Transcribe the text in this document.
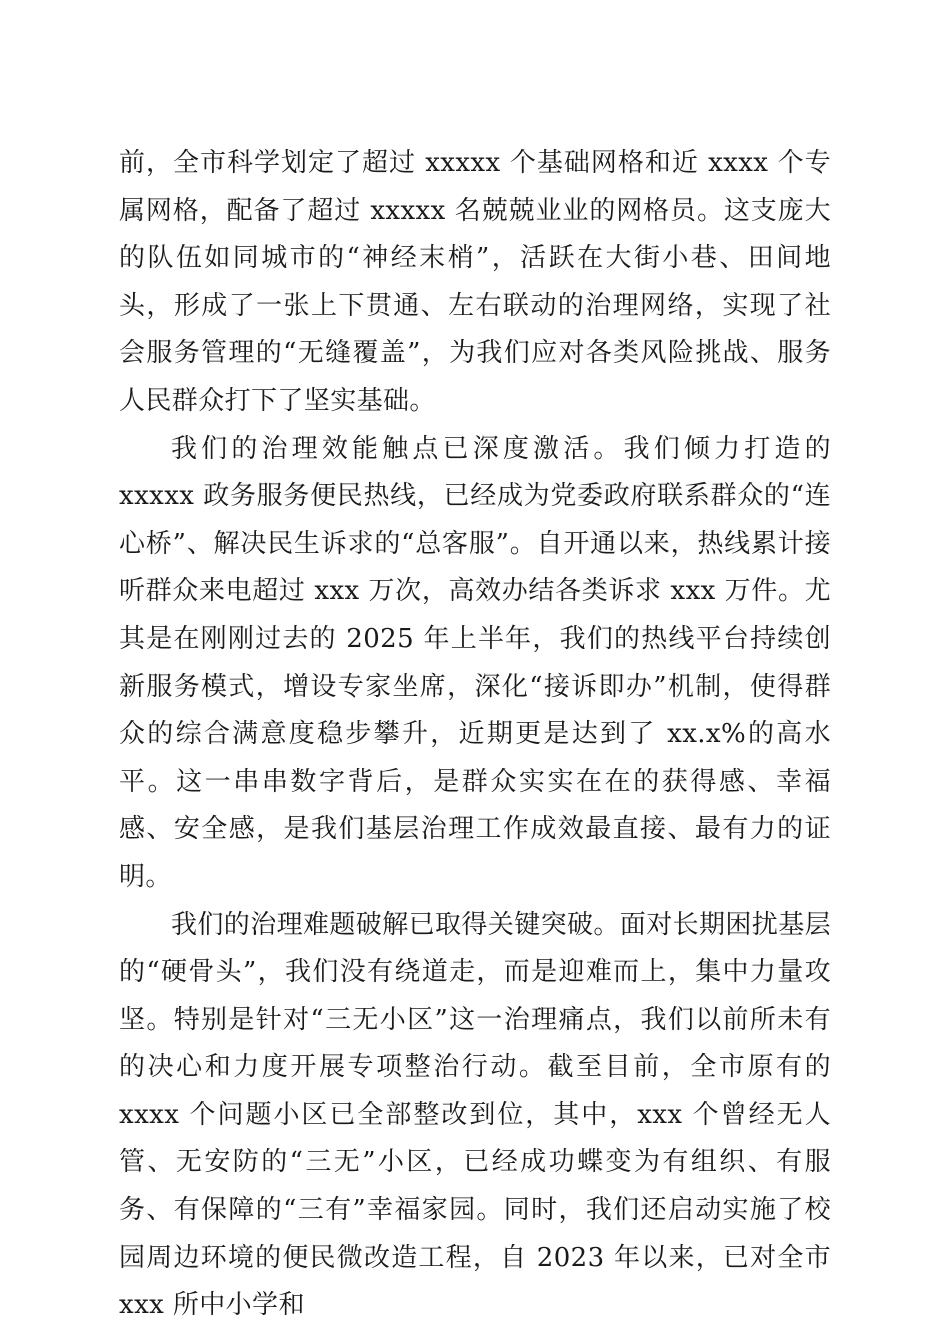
前，全市科学划定了超过 xxxxx 个基础网格和近 xxxx 个专属网格，配备了超过 xxxxx 名兢兢业业的网格员。这支庞大的队伍如同城市的“神经末梢”，活跃在大街小巷、田间地头，形成了一张上下贯通、左右联动的治理网络，实现了社会服务管理的“无缝覆盖”，为我们应对各类风险挑战、服务人民群众打下了坚实基础。

我们的治理效能触点已深度激活。我们倾力打造的 xxxxx 政务服务便民热线，已经成为党委政府联系群众的“连心桥”、解决民生诉求的“总客服”。自开通以来，热线累计接听群众来电超过 xxx 万次，高效办结各类诉求 xxx 万件。尤其是在刚刚过去的 2025 年上半年，我们的热线平台持续创新服务模式，增设专家坐席，深化“接诉即办”机制，使得群众的综合满意度稳步攀升，近期更是达到了 xx.x%的高水平。这一串串数字背后，是群众实实在在的获得感、幸福感、安全感，是我们基层治理工作成效最直接、最有力的证明。

我们的治理难题破解已取得关键突破。面对长期困扰基层的“硬骨头”，我们没有绕道走，而是迎难而上，集中力量攻坚。特别是针对“三无小区”这一治理痛点，我们以前所未有的决心和力度开展专项整治行动。截至目前，全市原有的 xxxx 个问题小区已全部整改到位，其中，xxx 个曾经无人管、无安防的“三无”小区，已经成功蝶变为有组织、有服务、有保障的“三有”幸福家园。同时，我们还启动实施了校园周边环境的便民微改造工程，自 2023 年以来，已对全市 xxx 所中小学和
